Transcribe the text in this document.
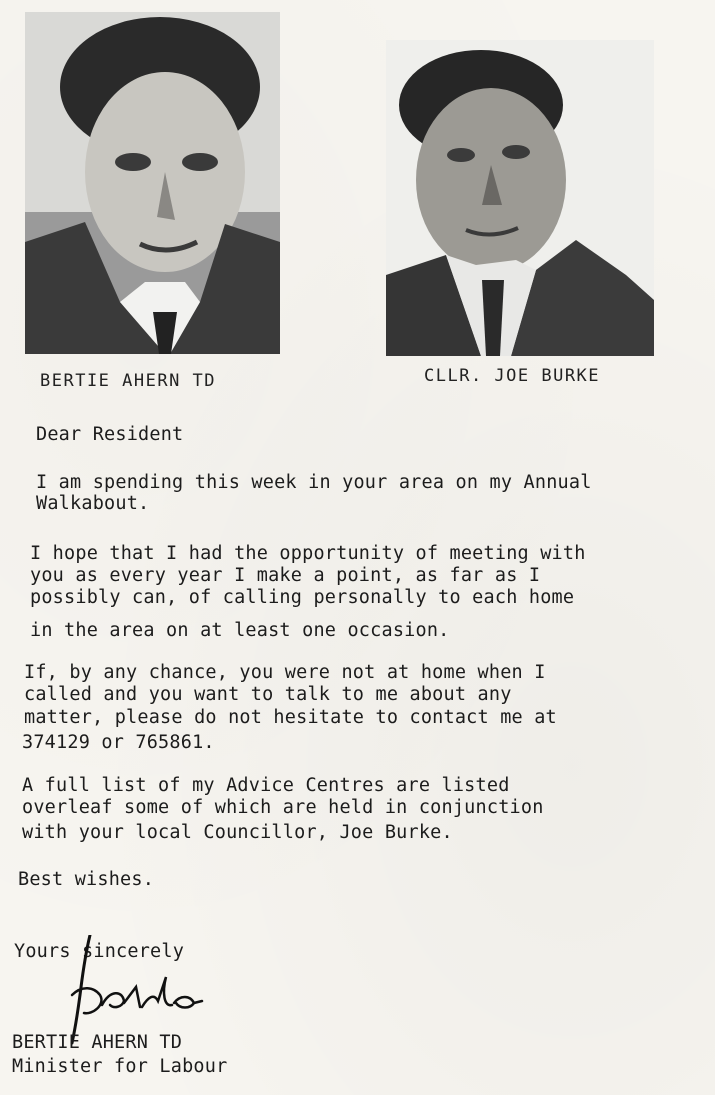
BERTIE AHERN TD	CLLR. JOE BURKE
Dear Resident
I am spending this week in your area on my Annual
Walkabout.
I hope that I had the opportunity of meeting with
you as every year I make a point, as far as I
possibly can, of calling personally to each home
in the area on at least one occasion.
If, by any chance, you were not at home when I
called and you want to talk to me about any
matter, please do not hesitate to contact me at
374129 or 765861.
A full list of my Advice Centres are listed
overleaf some of which are held in conjunction
with your local Councillor, Joe Burke.
Best wishes.
Yours sincerely
BERTIE AHERN TD
Minister for Labour
